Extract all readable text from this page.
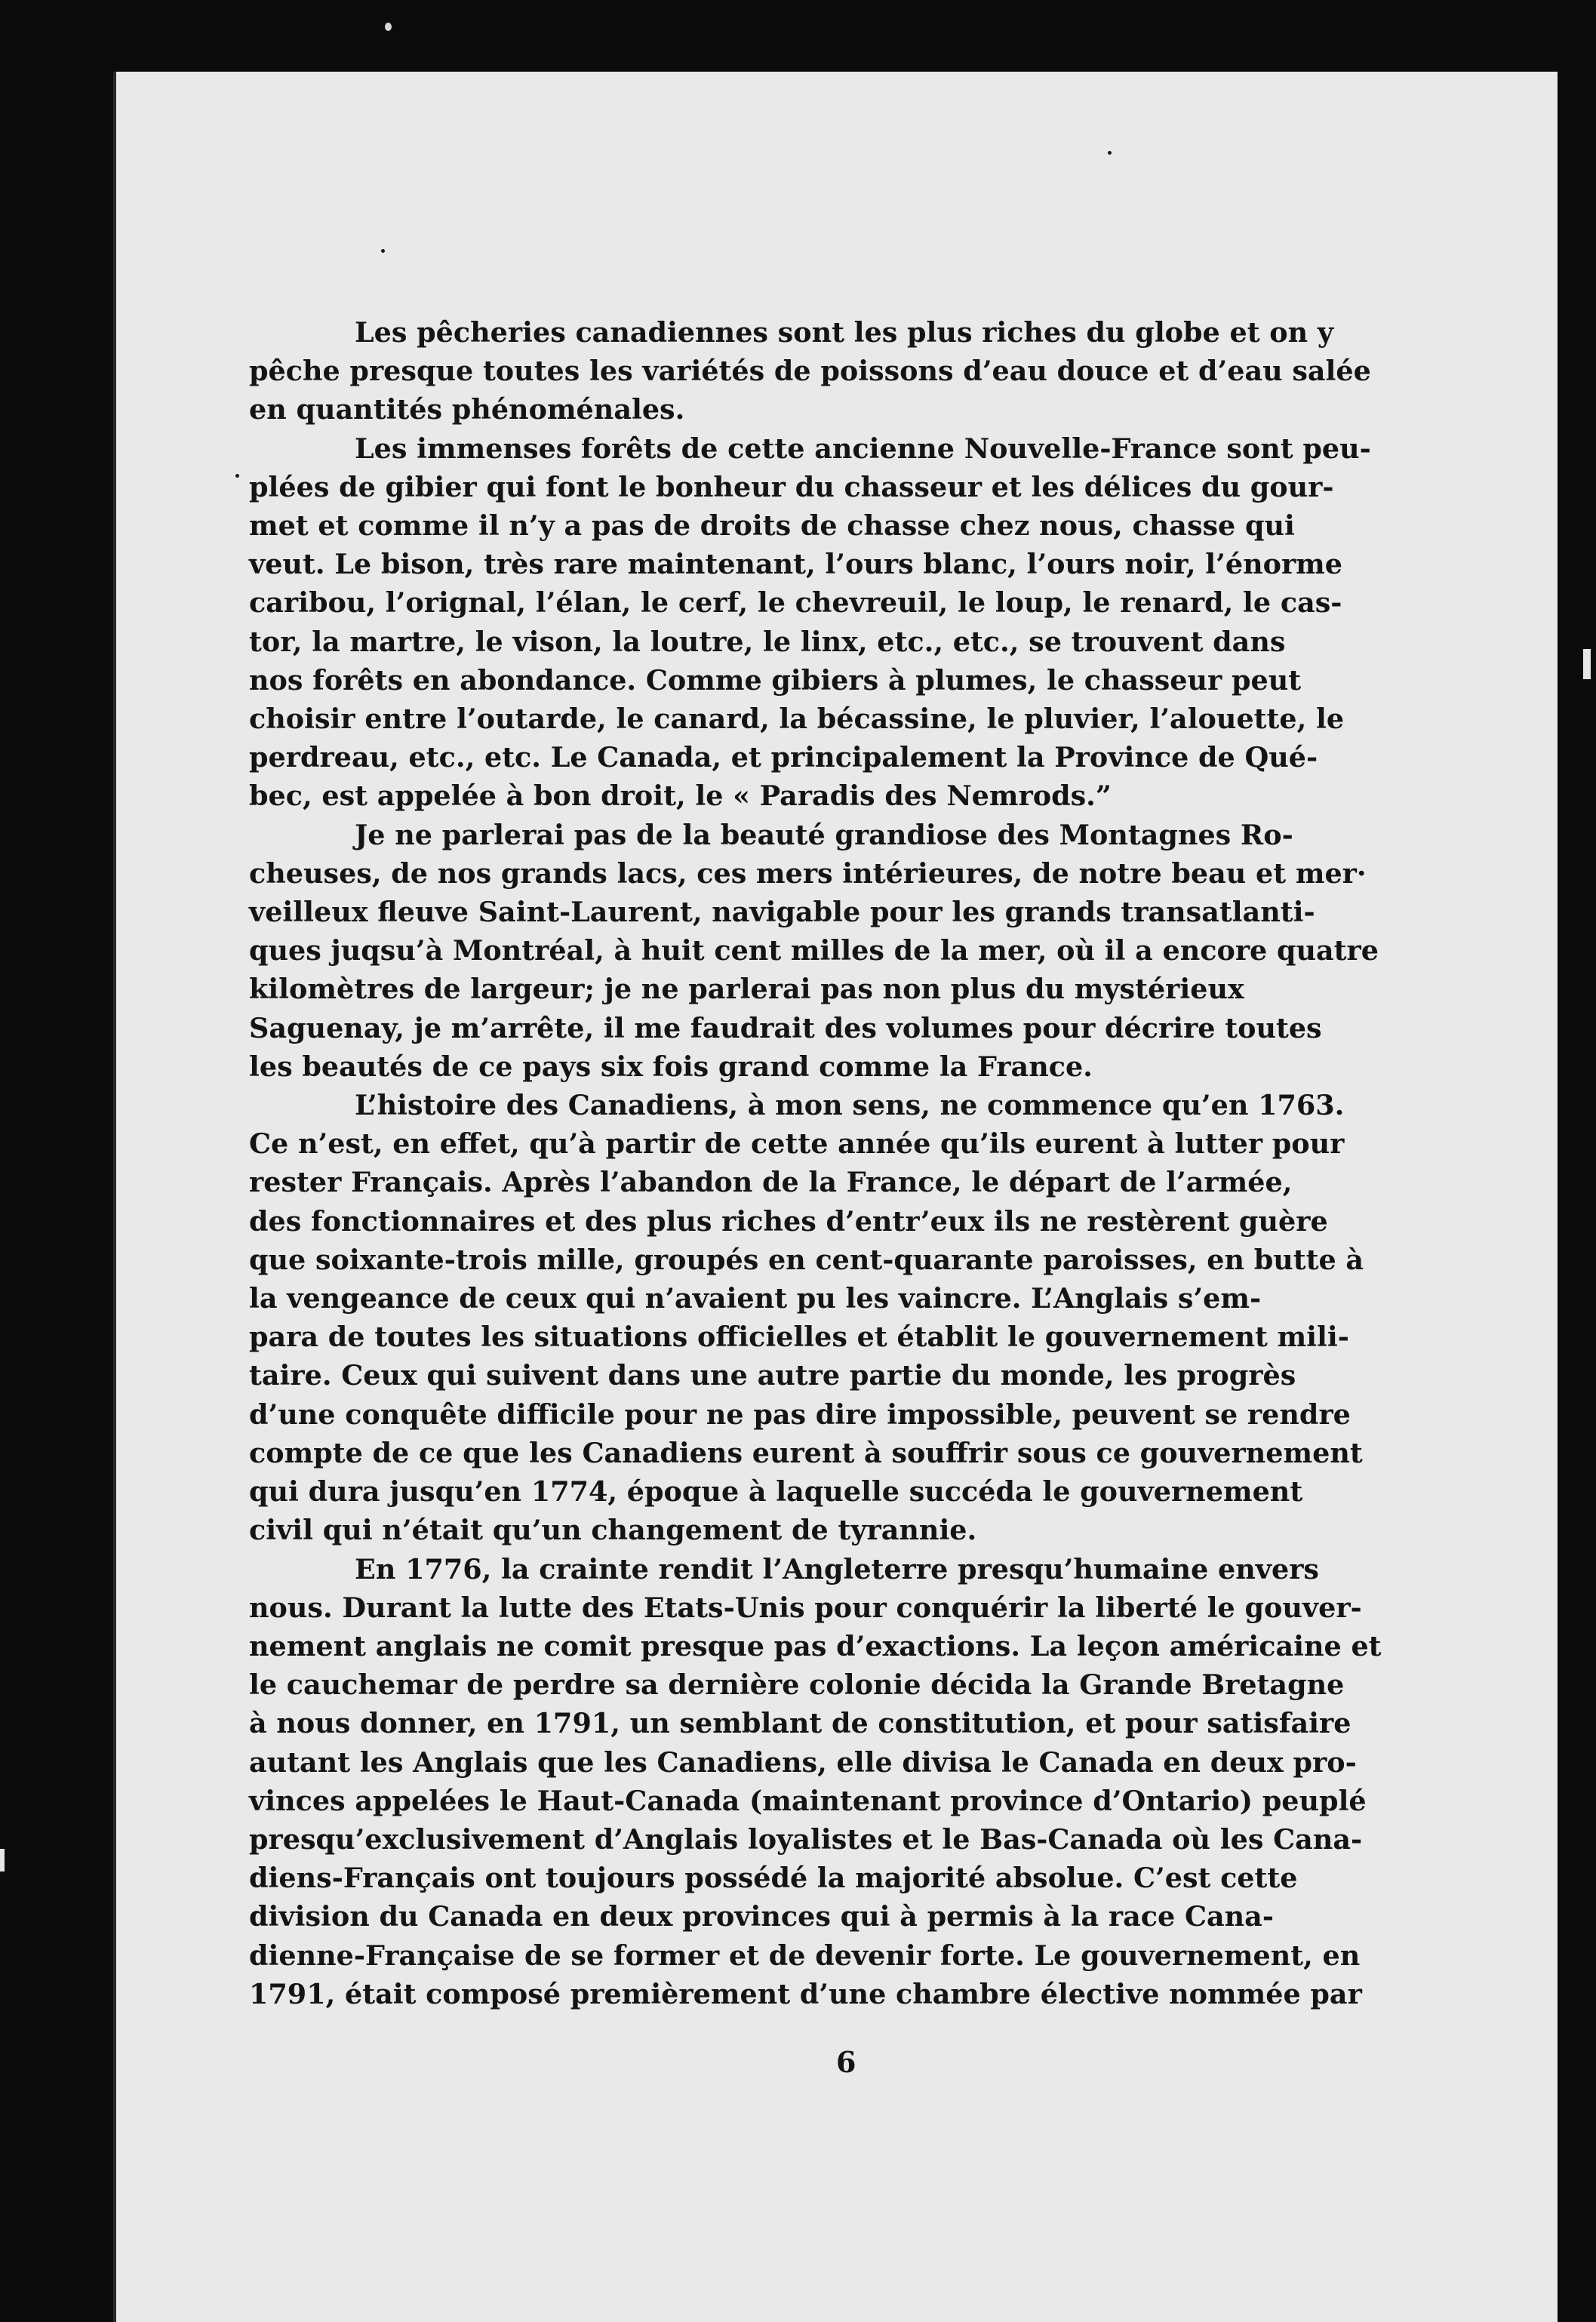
Les pêcheries canadiennes sont les plus riches du globe et on y
pêche presque toutes les variétés de poissons d’eau douce et d’eau salée
en quantités phénoménales.

Les immenses forêts de cette ancienne Nouvelle-France sont peu-
plées de gibier qui font le bonheur du chasseur et les délices du gour-
met et comme il n’y a pas de droits de chasse chez nous, chasse qui
veut. Le bison, très rare maintenant, l’ours blanc, l’ours noir, l’énorme
caribou, l’orignal, l’élan, le cerf, le chevreuil, le loup, le renard, le cas-
tor, la martre, le vison, la loutre, le linx, etc., etc., se trouvent dans
nos forêts en abondance. Comme gibiers à plumes, le chasseur peut
choisir entre l’outarde, le canard, la bécassine, le pluvier, l’alouette, le
perdreau, etc., etc. Le Canada, et principalement la Province de Qué-
bec, est appelée à bon droit, le « Paradis des Nemrods.”

Je ne parlerai pas de la beauté grandiose des Montagnes Ro-
cheuses, de nos grands lacs, ces mers intérieures, de notre beau et mer·
veilleux fleuve Saint-Laurent, navigable pour les grands transatlanti-
ques juqsu’à Montréal, à huit cent milles de la mer, où il a encore quatre
kilomètres de largeur; je ne parlerai pas non plus du mystérieux
Saguenay, je m’arrête, il me faudrait des volumes pour décrire toutes
les beautés de ce pays six fois grand comme la France.

L’histoire des Canadiens, à mon sens, ne commence qu’en 1763.
Ce n’est, en effet, qu’à partir de cette année qu’ils eurent à lutter pour
rester Français. Après l’abandon de la France, le départ de l’armée,
des fonctionnaires et des plus riches d’entr’eux ils ne restèrent guère
que soixante-trois mille, groupés en cent-quarante paroisses, en butte à
la vengeance de ceux qui n’avaient pu les vaincre. L’Anglais s’em-
para de toutes les situations officielles et établit le gouvernement mili-
taire. Ceux qui suivent dans une autre partie du monde, les progrès
d’une conquête difficile pour ne pas dire impossible, peuvent se rendre
compte de ce que les Canadiens eurent à souffrir sous ce gouvernement
qui dura jusqu’en 1774, époque à laquelle succéda le gouvernement
civil qui n’était qu’un changement de tyrannie.

En 1776, la crainte rendit l’Angleterre presqu’humaine envers
nous. Durant la lutte des Etats-Unis pour conquérir la liberté le gouver-
nement anglais ne comit presque pas d’exactions. La leçon américaine et
le cauchemar de perdre sa dernière colonie décida la Grande Bretagne
à nous donner, en 1791, un semblant de constitution, et pour satisfaire
autant les Anglais que les Canadiens, elle divisa le Canada en deux pro-
vinces appelées le Haut-Canada (maintenant province d’Ontario) peuplé
presqu’exclusivement d’Anglais loyalistes et le Bas-Canada où les Cana-
diens-Français ont toujours possédé la majorité absolue. C’est cette
division du Canada en deux provinces qui à permis à la race Cana-
dienne-Française de se former et de devenir forte. Le gouvernement, en
1791, était composé premièrement d’une chambre élective nommée par

6
